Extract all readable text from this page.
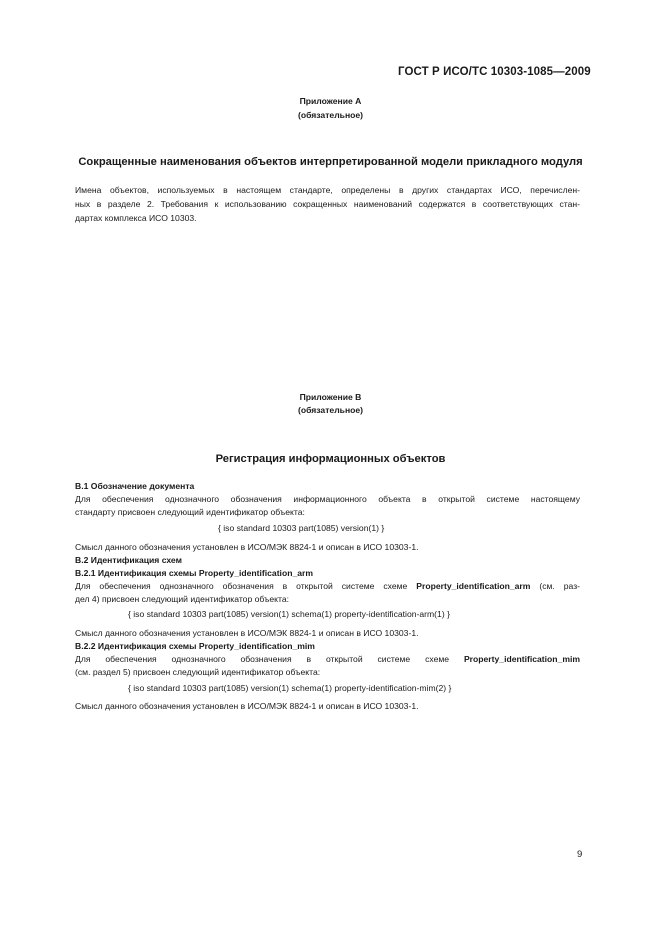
ГОСТ Р ИСО/ТС 10303-1085—2009
Приложение А
(обязательное)
Сокращенные наименования объектов интерпретированной модели прикладного модуля
Имена объектов, используемых в настоящем стандарте, определены в других стандартах ИСО, перечислен-
ных в разделе 2. Требования к использованию сокращенных наименований содержатся в соответствующих стан-
дартах комплекса ИСО 10303.
Приложение В
(обязательное)
Регистрация информационных объектов
В.1 Обозначение документа
Для обеспечения однозначного обозначения информационного объекта в открытой системе настоящему
стандарту присвоен следующий идентификатор объекта:
{ iso standard 10303 part(1085) version(1) }
Смысл данного обозначения установлен в ИСО/МЭК 8824-1 и описан в ИСО 10303-1.
В.2 Идентификация схем
В.2.1 Идентификация схемы Property_identification_arm
Для обеспечения однозначного обозначения в открытой системе схеме Property_identification_arm (см. раз-
дел 4) присвоен следующий идентификатор объекта:
{ iso standard 10303 part(1085) version(1) schema(1) property-identification-arm(1) }
Смысл данного обозначения установлен в ИСО/МЭК 8824-1 и описан в ИСО 10303-1.
В.2.2 Идентификация схемы Property_identification_mim
Для обеспечения однозначного обозначения в открытой системе схеме Property_identification_mim
(см. раздел 5) присвоен следующий идентификатор объекта:
{ iso standard 10303 part(1085) version(1) schema(1) property-identification-mim(2) }
Смысл данного обозначения установлен в ИСО/МЭК 8824-1 и описан в ИСО 10303-1.
9
